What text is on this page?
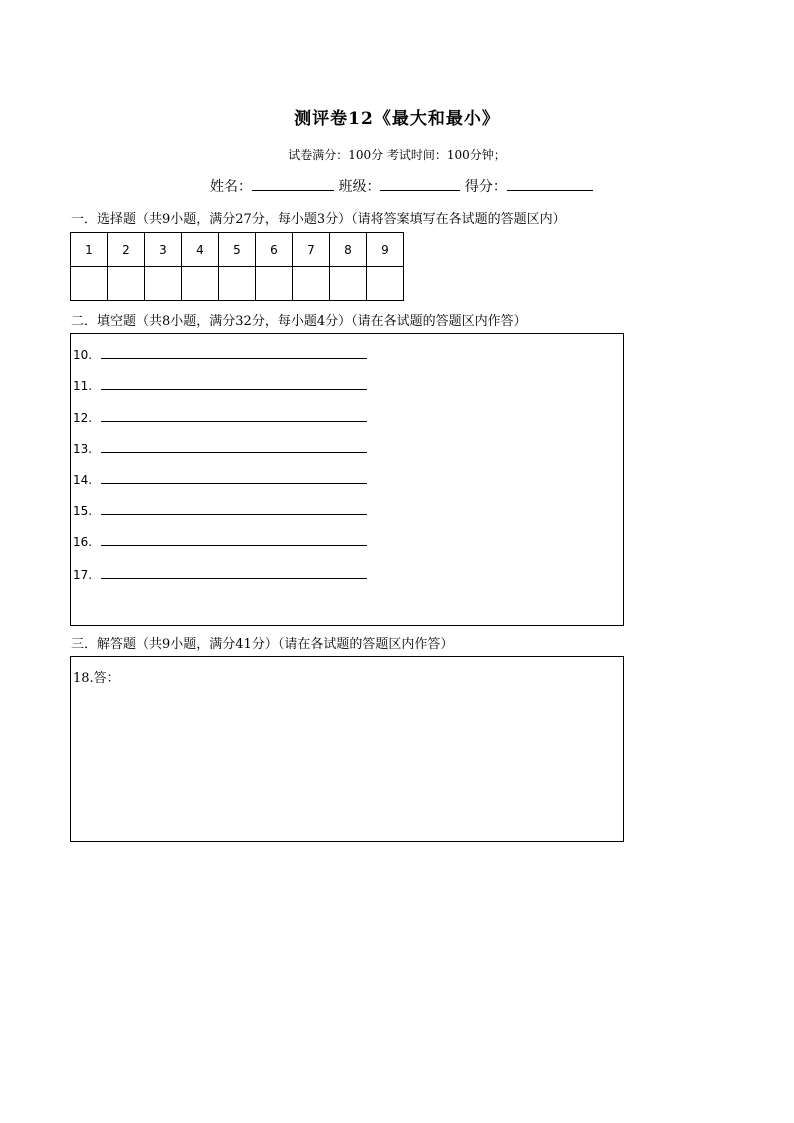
测评卷12《最大和最小》
试卷满分：100分 考试时间：100分钟；
姓名：	班级：	得分：
一．选择题（共9小题，满分27分，每小题3分）（请将答案填写在各试题的答题区内）
1	2	3	4	5	6	7	8	9

二．填空题（共8小题，满分32分，每小题4分）（请在各试题的答题区内作答）
10.
11.
12.
13.
14.
15.
16.
17.
三．解答题（共9小题，满分41分）（请在各试题的答题区内作答）
18.答：
